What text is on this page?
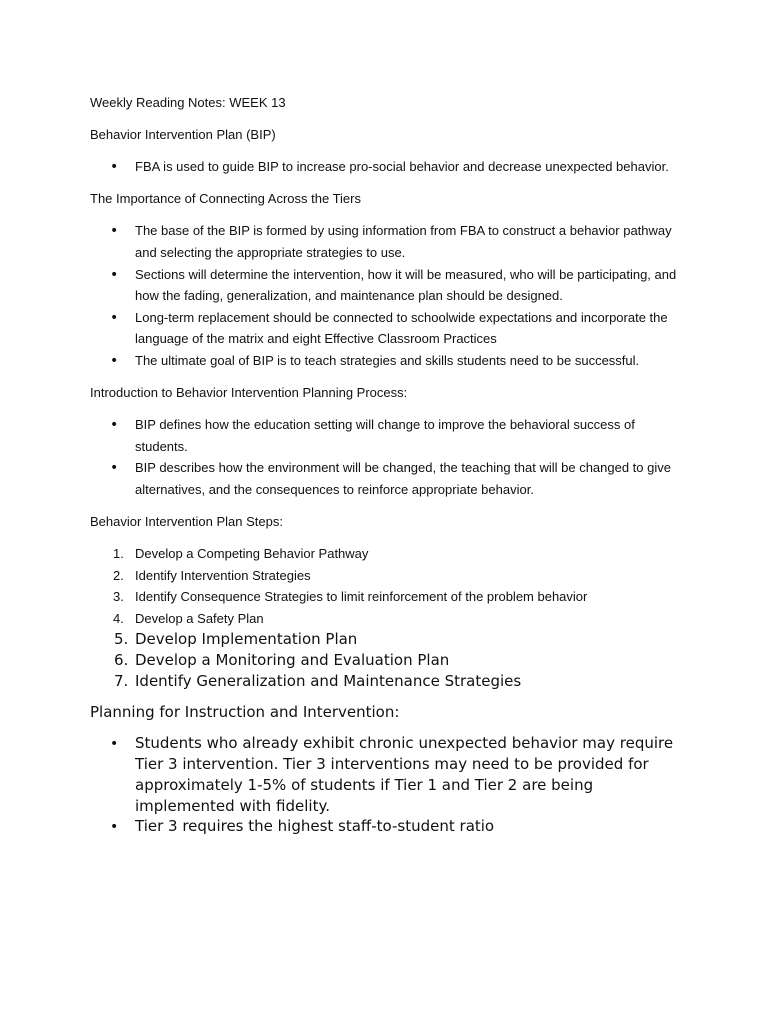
Weekly Reading Notes: WEEK 13

Behavior Intervention Plan (BIP)

•
FBA is used to guide BIP to increase pro-social behavior and decrease unexpected behavior.

The Importance of Connecting Across the Tiers

•
The base of the BIP is formed by using information from FBA to construct a behavior pathway and selecting the appropriate strategies to use.
•
Sections will determine the intervention, how it will be measured, who will be participating, and how the fading, generalization, and maintenance plan should be designed.
•
Long-term replacement should be connected to schoolwide expectations and incorporate the language of the matrix and eight Effective Classroom Practices
•
The ultimate goal of BIP is to teach strategies and skills students need to be successful.

Introduction to Behavior Intervention Planning Process:

•
BIP defines how the education setting will change to improve the behavioral success of students.
•
BIP describes how the environment will be changed, the teaching that will be changed to give alternatives, and the consequences to reinforce appropriate behavior.

Behavior Intervention Plan Steps:

1. Develop a Competing Behavior Pathway
2. Identify Intervention Strategies
3. Identify Consequence Strategies to limit reinforcement of the problem behavior
4. Develop a Safety Plan
5. Develop Implementation Plan
6. Develop a Monitoring and Evaluation Plan
7. Identify Generalization and Maintenance Strategies

Planning for Instruction and Intervention:

•
Students who already exhibit chronic unexpected behavior may require Tier 3 intervention. Tier 3 interventions may need to be provided for approximately 1-5% of students if Tier 1 and Tier 2 are being implemented with fidelity.
•
Tier 3 requires the highest staff-to-student ratio
